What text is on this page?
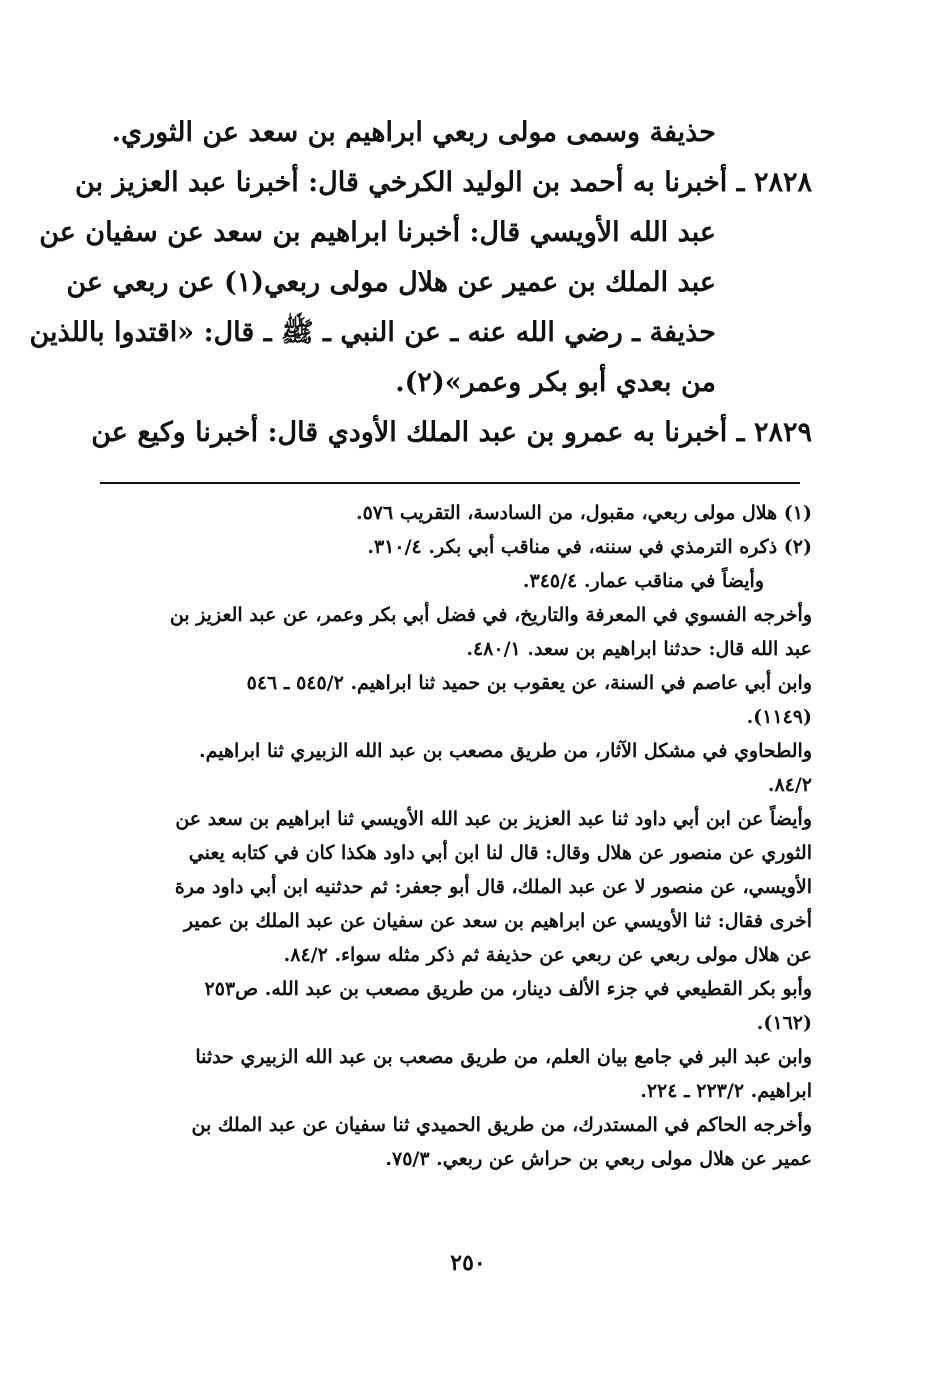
حذيفة وسمى مولى ربعي ابراهيم بن سعد عن الثوري.
٢٨٢٨ ـ أخبرنا به أحمد بن الوليد الكرخي قال: أخبرنا عبد العزيز بن
عبد الله الأويسي قال: أخبرنا ابراهيم بن سعد عن سفيان عن
عبد الملك بن عمير عن هلال مولى ربعي(١) عن ربعي عن
حذيفة ـ رضي الله عنه ـ عن النبي ـ ﷺ ـ قال: «اقتدوا باللذين
من بعدي أبو بكر وعمر»(٢).
٢٨٢٩ ـ أخبرنا به عمرو بن عبد الملك الأودي قال: أخبرنا وكيع عن
(١) هلال مولى ربعي، مقبول، من السادسة، التقريب ٥٧٦.
(٢) ذكره الترمذي في سننه، في مناقب أبي بكر. ٣١٠/٤.
وأيضاً في مناقب عمار. ٣٤٥/٤.
وأخرجه الفسوي في المعرفة والتاريخ، في فضل أبي بكر وعمر، عن عبد العزيز بن
عبد الله قال: حدثنا ابراهيم بن سعد. ٤٨٠/١.
وابن أبي عاصم في السنة، عن يعقوب بن حميد ثنا ابراهيم. ٥٤٥/٢ ـ ٥٤٦
(١١٤٩).
والطحاوي في مشكل الآثار، من طريق مصعب بن عبد الله الزبيري ثنا ابراهيم.
٨٤/٢.
وأيضاً عن ابن أبي داود ثنا عبد العزيز بن عبد الله الأويسي ثنا ابراهيم بن سعد عن
الثوري عن منصور عن هلال وقال: قال لنا ابن أبي داود هكذا كان في كتابه يعني
الأويسي، عن منصور لا عن عبد الملك، قال أبو جعفر: ثم حدثنيه ابن أبي داود مرة
أخرى فقال: ثنا الأويسي عن ابراهيم بن سعد عن سفيان عن عبد الملك بن عمير
عن هلال مولى ربعي عن ربعي عن حذيفة ثم ذكر مثله سواء. ٨٤/٢.
وأبو بكر القطيعي في جزء الألف دينار، من طريق مصعب بن عبد الله. ص٢٥٣
(١٦٢).
وابن عبد البر في جامع بيان العلم، من طريق مصعب بن عبد الله الزبيري حدثنا
ابراهيم. ٢٢٣/٢ ـ ٢٢٤.
وأخرجه الحاكم في المستدرك، من طريق الحميدي ثنا سفيان عن عبد الملك بن
عمير عن هلال مولى ربعي بن حراش عن ربعي. ٧٥/٣.
٢٥٠
